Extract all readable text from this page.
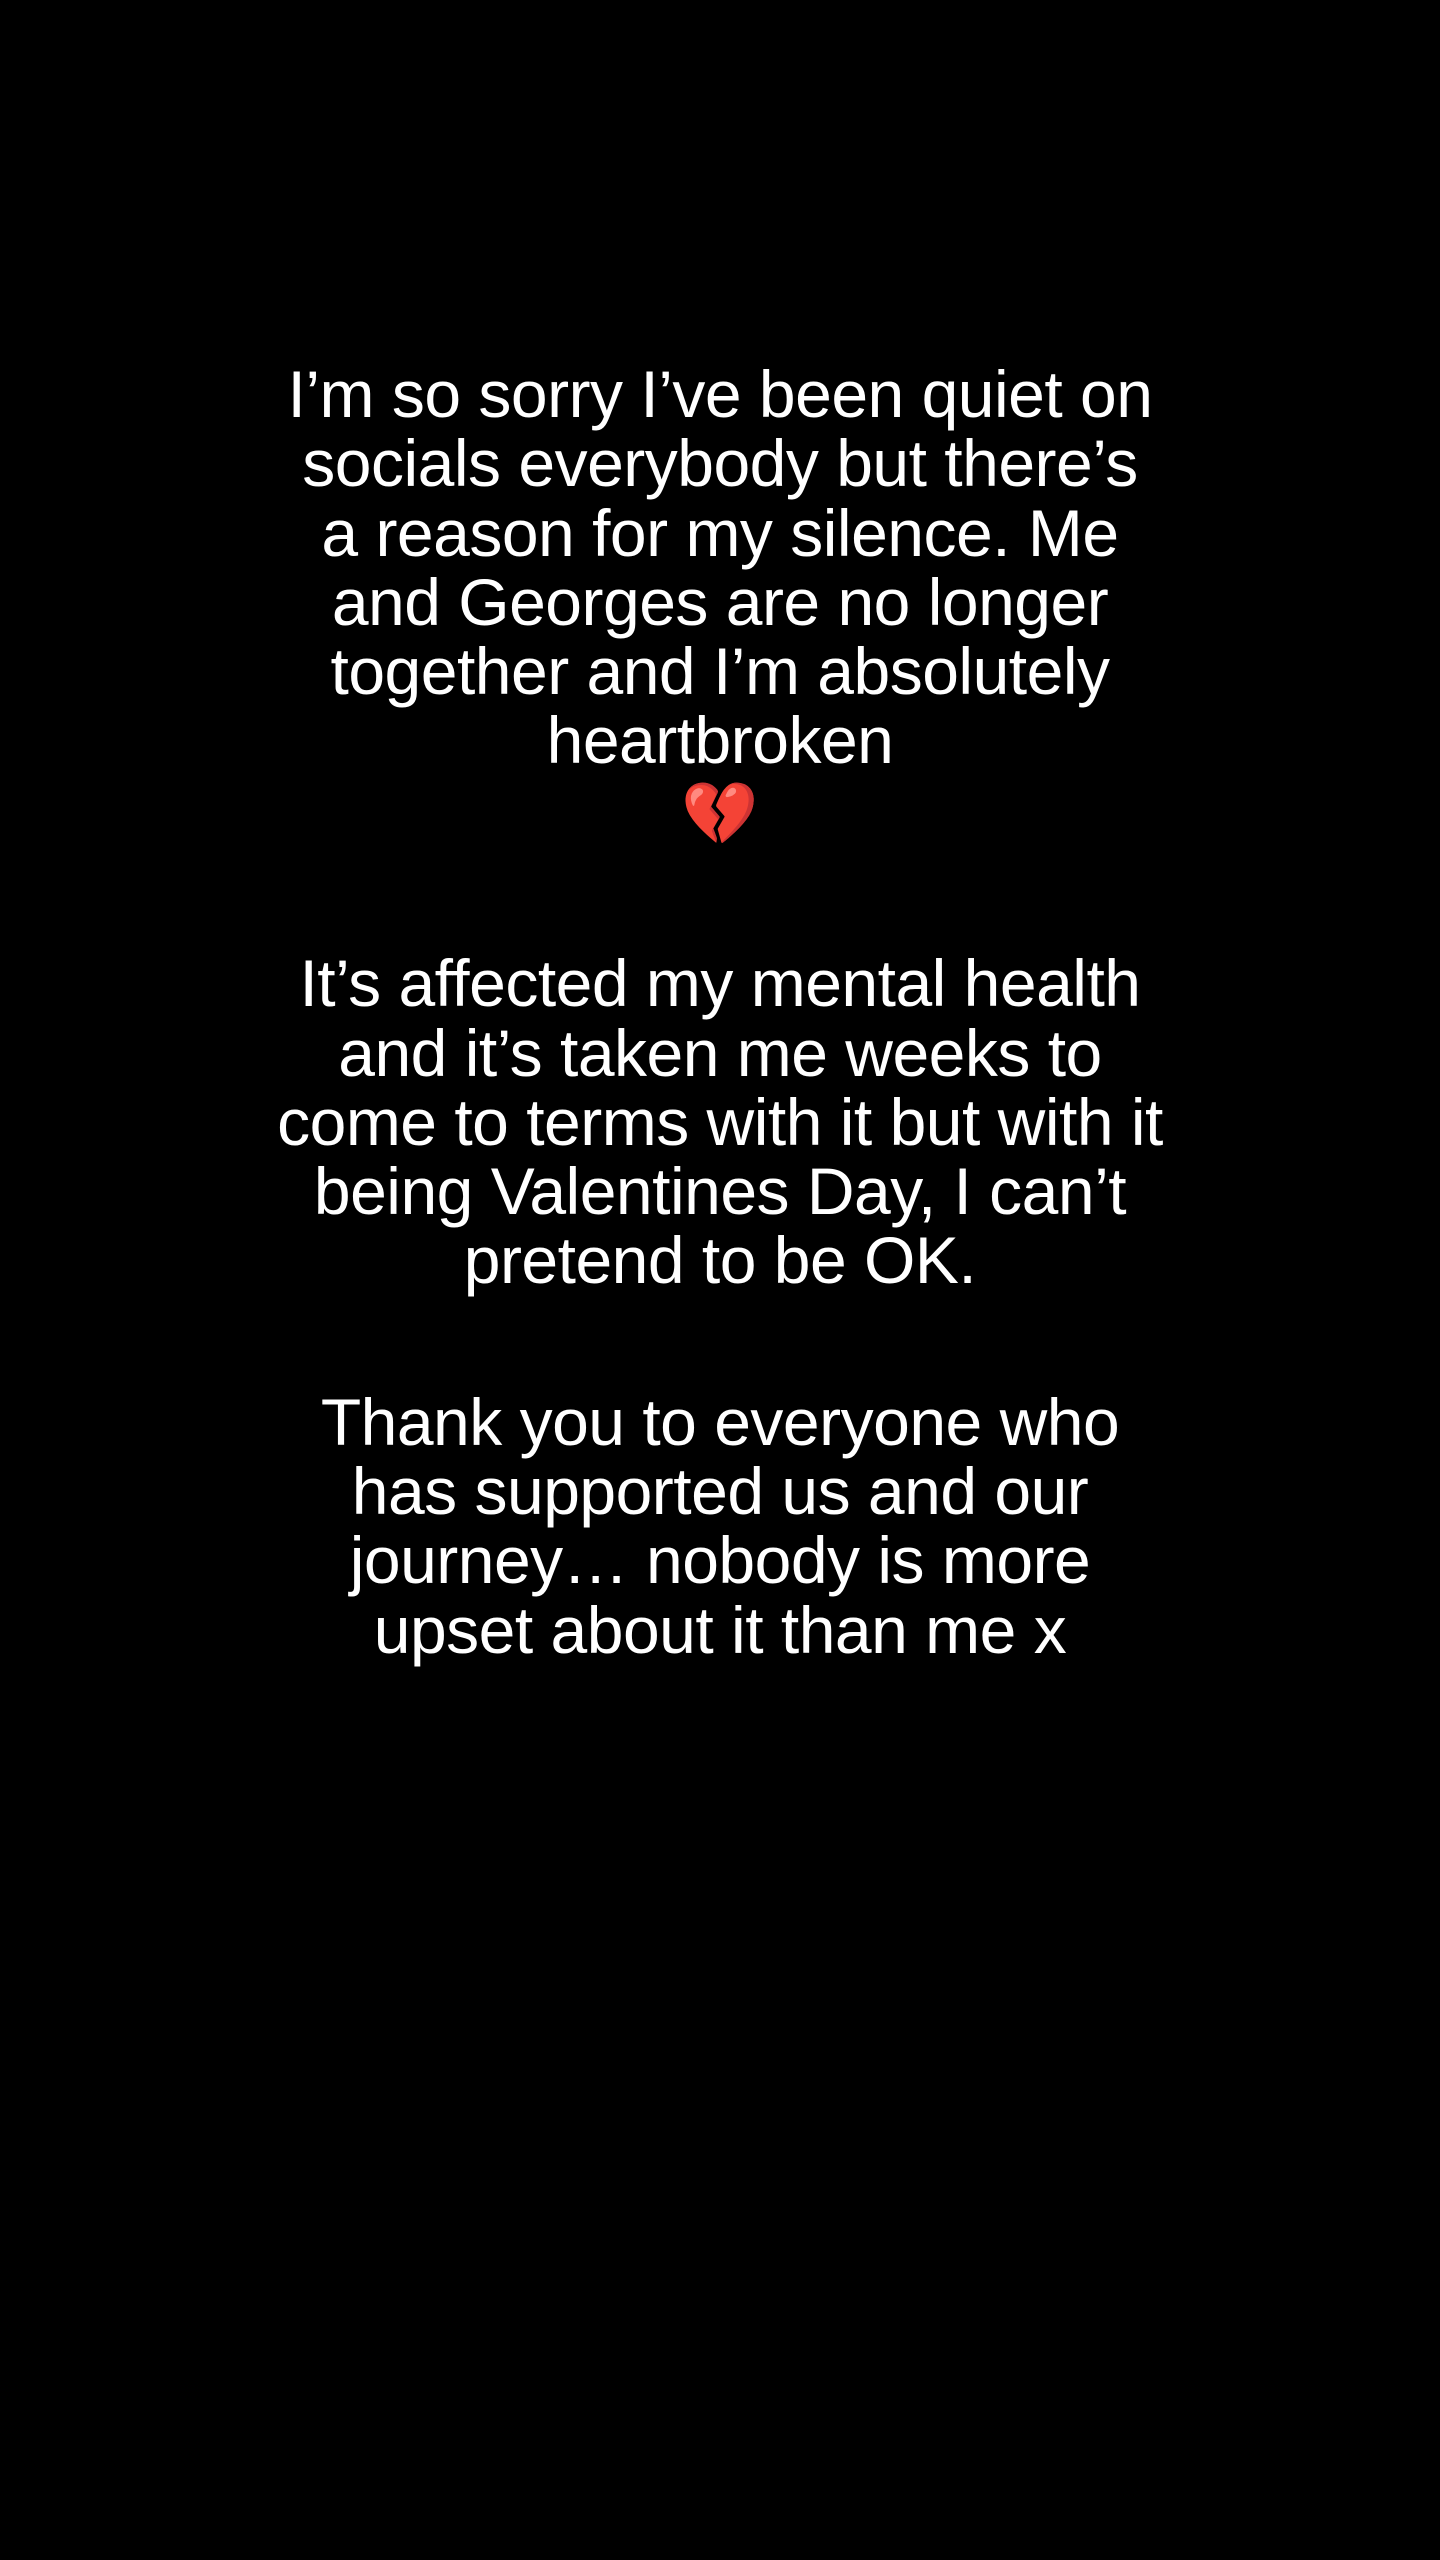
I’m so sorry I’ve been quiet on socials everybody but there’s a reason for my silence. Me and Georges are no longer together and I’m absolutely heartbroken

💔

It’s affected my mental health and it’s taken me weeks to come to terms with it but with it being Valentines Day, I can’t pretend to be OK.

Thank you to everyone who has supported us and our journey… nobody is more upset about it than me x
